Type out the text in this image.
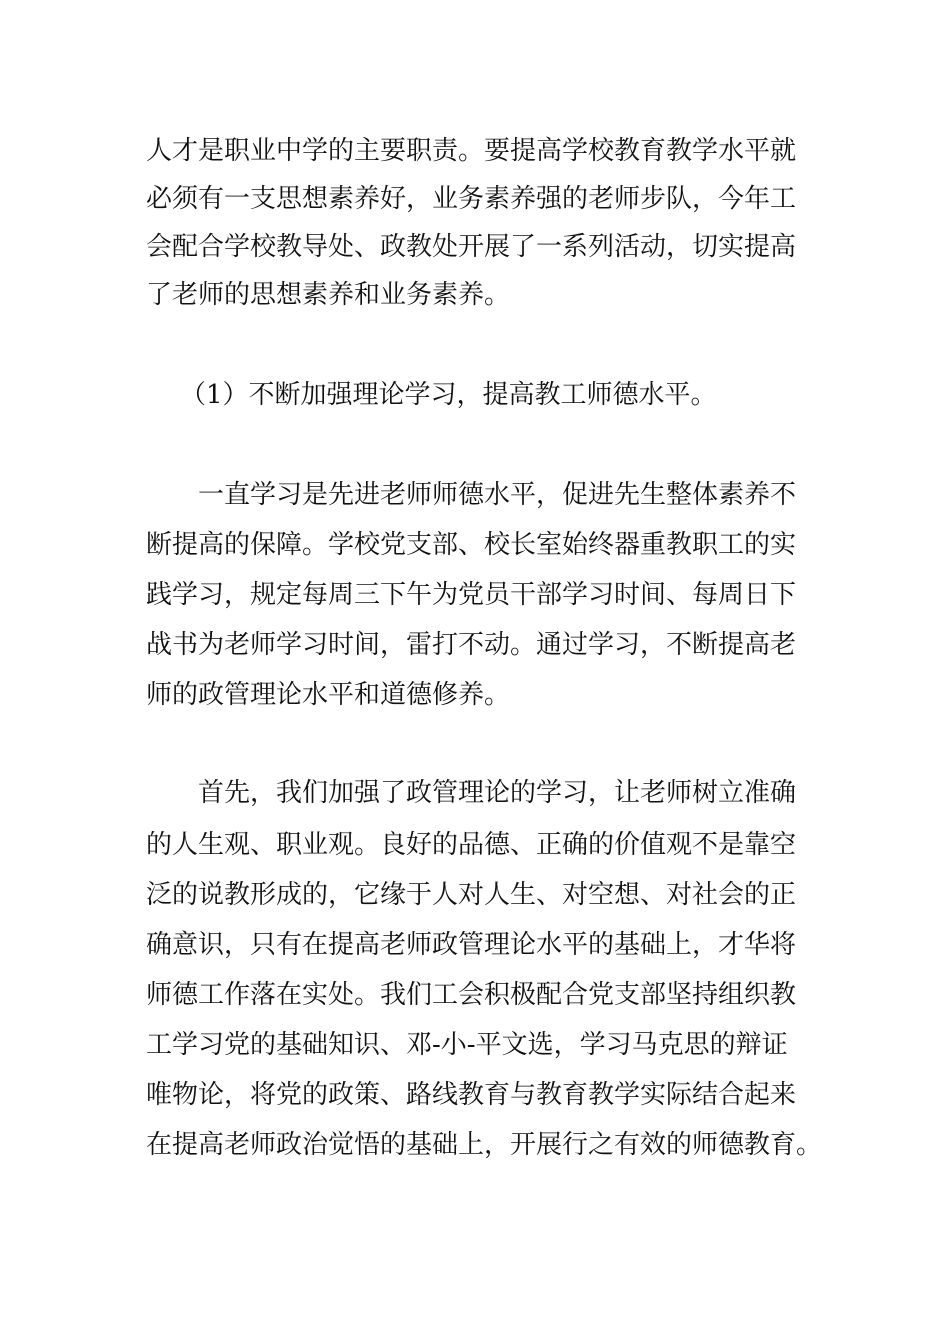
人才是职业中学的主要职责。要提高学校教育教学水平就

必须有一支思想素养好，业务素养强的老师步队，今年工

会配合学校教导处、政教处开展了一系列活动，切实提高

了老师的思想素养和业务素养。

（1）不断加强理论学习，提高教工师德水平。

一直学习是先进老师师德水平，促进先生整体素养不

断提高的保障。学校党支部、校长室始终器重教职工的实

践学习，规定每周三下午为党员干部学习时间、每周日下

战书为老师学习时间，雷打不动。通过学习，不断提高老

师的政管理论水平和道德修养。

首先，我们加强了政管理论的学习，让老师树立准确

的人生观、职业观。良好的品德、正确的价值观不是靠空

泛的说教形成的，它缘于人对人生、对空想、对社会的正

确意识，只有在提高老师政管理论水平的基础上，才华将

师德工作落在实处。我们工会积极配合党支部坚持组织教

工学习党的基础知识、邓-小-平文选，学习马克思的辩证

唯物论，将党的政策、路线教育与教育教学实际结合起来

在提高老师政治觉悟的基础上，开展行之有效的师德教育。
